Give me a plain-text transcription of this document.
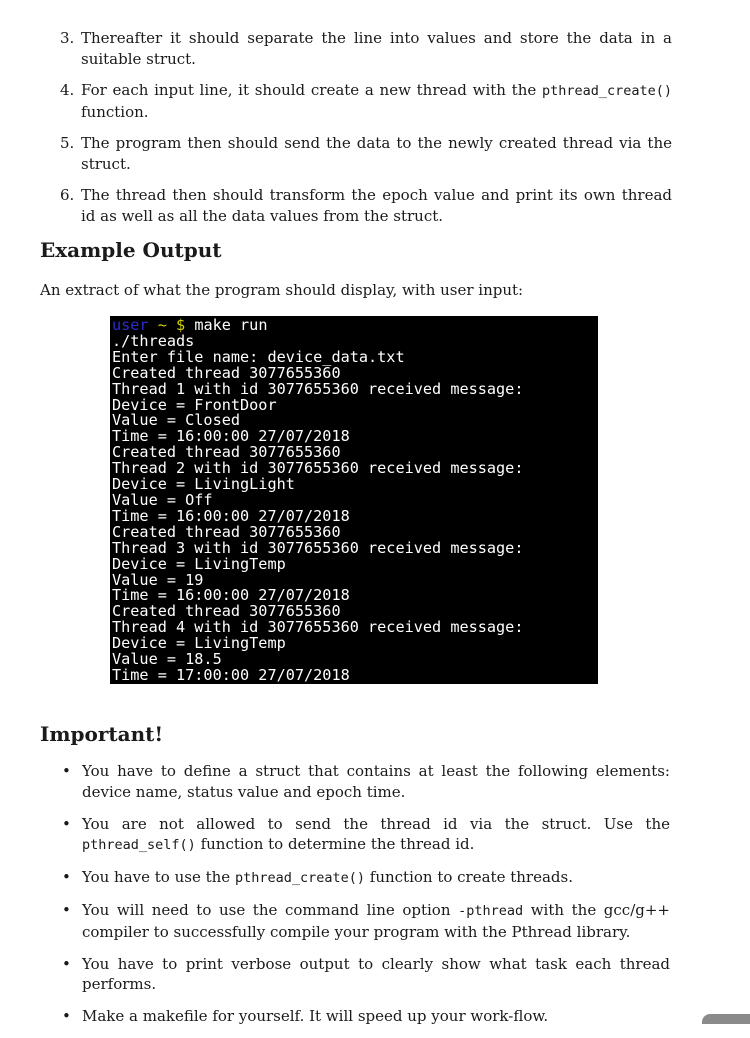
3. Thereafter it should separate the line into values and store the data in a suitable struct.
4. For each input line, it should create a new thread with the pthread_create() function.
5. The program then should send the data to the newly created thread via the struct.
6. The thread then should transform the epoch value and print its own thread id as well as all the data values from the struct.
Example Output

An extract of what the program should display, with user input:

user ~ $ make run
./threads
Enter file name: device_data.txt
Created thread 3077655360
Thread 1 with id 3077655360 received message:
Device = FrontDoor
Value = Closed
Time = 16:00:00 27/07/2018
Created thread 3077655360
Thread 2 with id 3077655360 received message:
Device = LivingLight
Value = Off
Time = 16:00:00 27/07/2018
Created thread 3077655360
Thread 3 with id 3077655360 received message:
Device = LivingTemp
Value = 19
Time = 16:00:00 27/07/2018
Created thread 3077655360
Thread 4 with id 3077655360 received message:
Device = LivingTemp
Value = 18.5
Time = 17:00:00 27/07/2018
Important!
• You have to define a struct that contains at least the following elements: device name, status value and epoch time.
• You are not allowed to send the thread id via the struct. Use the pthread_self() function to determine the thread id.
• You have to use the pthread_create() function to create threads.
• You will need to use the command line option -pthread with the gcc/g++ compiler to successfully compile your program with the Pthread library.
• You have to print verbose output to clearly show what task each thread performs.
• Make a makefile for yourself. It will speed up your work-flow.
